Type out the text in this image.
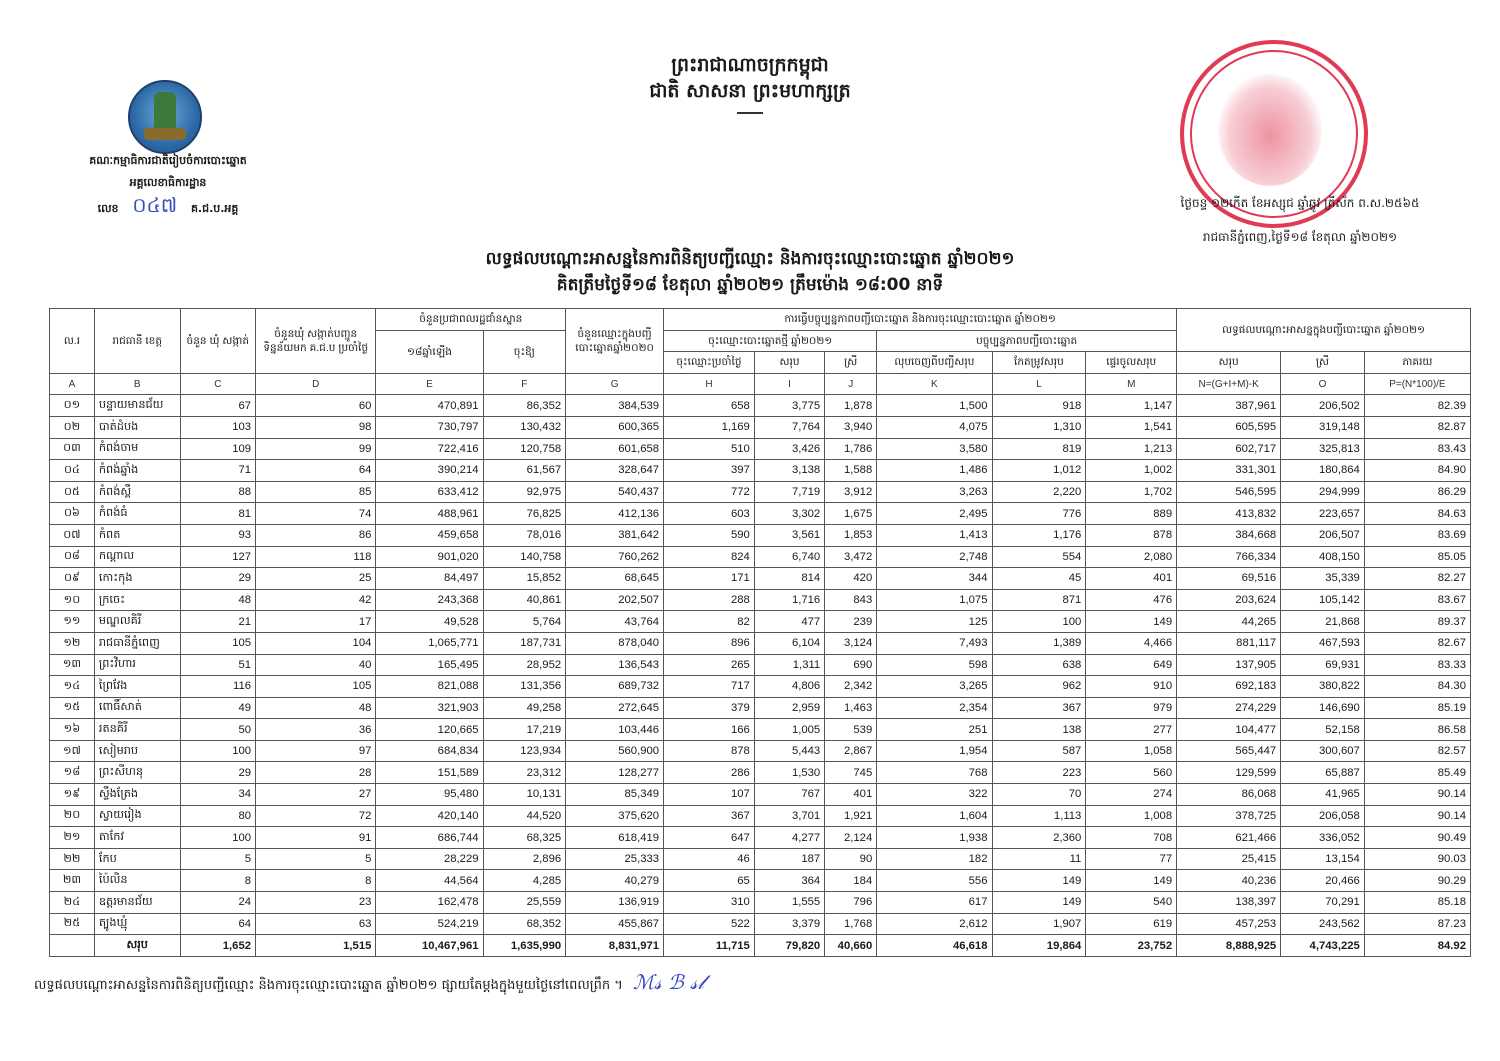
ព្រះរាជាណាចក្រកម្ពុជា
ជាតិ សាសនា ព្រះមហាក្សត្រ
គណៈកម្មាធិការជាតិរៀបចំការបោះឆ្នោត
អគ្គលេខាធិការដ្ឋាន
លេខ ០៤៧ គ.ជ.ប.អគ្គ	ថ្ងៃចន្ទ ១២កើត ខែអស្សុជ ឆ្នាំឆ្លូវ ត្រីស័ក ព.ស.២៥៦៥
រាជធានីភ្នំពេញ,ថ្ងៃទី១៨ ខែតុលា ឆ្នាំ២០២១
លទ្ធផលបណ្តោះអាសន្ននៃការពិនិត្យបញ្ជីឈ្មោះ និងការចុះឈ្មោះបោះឆ្នោត ឆ្នាំ២០២១
គិតត្រឹមថ្ងៃទី១៨ ខែតុលា ឆ្នាំ២០២១ ត្រឹមម៉ោង ១៨:00 នាទី
ល.រ	រាជធានី ខេត្ត	ចំនួន ឃុំ សង្កាត់	ចំនួនឃុំ សង្កាត់បញ្ជូនទិន្នន័យមក គ.ជ.ប ប្រចាំថ្ងៃ	ចំនួនប្រជាពលរដ្ឋជាំនស្នាន		ចំនួនឈ្មោះក្នុងបញ្ជីបោះឆ្នោតឆ្នាំ២០២០	ការធ្វើបច្ចុប្បន្នភាពបញ្ជីបោះឆ្នោត និងការចុះឈ្មោះបោះឆ្នោត ឆ្នាំ២០២១						លទ្ធផលបណ្តោះអាសន្នក្នុងបញ្ជីបោះឆ្នោត ឆ្នាំ២០២១		
				១៨ឆ្នាំឡើង	ចុះឱ្យ		ចុះឈ្មោះបោះឆ្នោតថ្មី ឆ្នាំ២០២១			បច្ចុប្បន្នភាពបញ្ជីបោះឆ្នោត					
							ចុះឈ្មោះប្រចាំថ្ងៃ	សរុប	ស្រី	លុបចេញពីបញ្ជីសរុប	កែតម្រូវសរុប	ផ្ទេរចូលសរុប	សរុប	ស្រី	ភាគរយ
A	B	C	D	E	F	G	H	I	J	K	L	M	N=(G+I+M)-K	O	P=(N*100)/E
០១	បន្ទាយមានជ័យ	67	60	470,891	86,352	384,539	658	3,775	1,878	1,500	918	1,147	387,961	206,502	82.39
០២	បាត់ដំបង	103	98	730,797	130,432	600,365	1,169	7,764	3,940	4,075	1,310	1,541	605,595	319,148	82.87
០៣	កំពង់ចាម	109	99	722,416	120,758	601,658	510	3,426	1,786	3,580	819	1,213	602,717	325,813	83.43
០៤	កំពង់ឆ្នាំង	71	64	390,214	61,567	328,647	397	3,138	1,588	1,486	1,012	1,002	331,301	180,864	84.90
០៥	កំពង់ស្ពឺ	88	85	633,412	92,975	540,437	772	7,719	3,912	3,263	2,220	1,702	546,595	294,999	86.29
០៦	កំពង់ធំ	81	74	488,961	76,825	412,136	603	3,302	1,675	2,495	776	889	413,832	223,657	84.63
០៧	កំពត	93	86	459,658	78,016	381,642	590	3,561	1,853	1,413	1,176	878	384,668	206,507	83.69
០៨	កណ្តាល	127	118	901,020	140,758	760,262	824	6,740	3,472	2,748	554	2,080	766,334	408,150	85.05
០៩	កោះកុង	29	25	84,497	15,852	68,645	171	814	420	344	45	401	69,516	35,339	82.27
១០	ក្រចេះ	48	42	243,368	40,861	202,507	288	1,716	843	1,075	871	476	203,624	105,142	83.67
១១	មណ្ឌលគិរី	21	17	49,528	5,764	43,764	82	477	239	125	100	149	44,265	21,868	89.37
១២	រាជធានីភ្នំពេញ	105	104	1,065,771	187,731	878,040	896	6,104	3,124	7,493	1,389	4,466	881,117	467,593	82.67
១៣	ព្រះវិហារ	51	40	165,495	28,952	136,543	265	1,311	690	598	638	649	137,905	69,931	83.33
១៤	ព្រៃវែង	116	105	821,088	131,356	689,732	717	4,806	2,342	3,265	962	910	692,183	380,822	84.30
១៥	ពោធិ៍សាត់	49	48	321,903	49,258	272,645	379	2,959	1,463	2,354	367	979	274,229	146,690	85.19
១៦	រតនគិរី	50	36	120,665	17,219	103,446	166	1,005	539	251	138	277	104,477	52,158	86.58
១៧	សៀមរាប	100	97	684,834	123,934	560,900	878	5,443	2,867	1,954	587	1,058	565,447	300,607	82.57
១៨	ព្រះសីហនុ	29	28	151,589	23,312	128,277	286	1,530	745	768	223	560	129,599	65,887	85.49
១៩	ស្ទឹងត្រែង	34	27	95,480	10,131	85,349	107	767	401	322	70	274	86,068	41,965	90.14
២០	ស្វាយរៀង	80	72	420,140	44,520	375,620	367	3,701	1,921	1,604	1,113	1,008	378,725	206,058	90.14
២១	តាកែវ	100	91	686,744	68,325	618,419	647	4,277	2,124	1,938	2,360	708	621,466	336,052	90.49
២២	កែប	5	5	28,229	2,896	25,333	46	187	90	182	11	77	25,415	13,154	90.03
២៣	ប៉ៃលិន	8	8	44,564	4,285	40,279	65	364	184	556	149	149	40,236	20,466	90.29
២៤	ឧត្តរមានជ័យ	24	23	162,478	25,559	136,919	310	1,555	796	617	149	540	138,397	70,291	85.18
២៥	ត្បូងឃ្មុំ	64	63	524,219	68,352	455,867	522	3,379	1,768	2,612	1,907	619	457,253	243,562	87.23
	សរុប	1,652	1,515	10,467,961	1,635,990	8,831,971	11,715	79,820	40,660	46,618	19,864	23,752	8,888,925	4,743,225	84.92
លទ្ធផលបណ្តោះអាសន្ននៃការពិនិត្យបញ្ជីឈ្មោះ និងការចុះឈ្មោះបោះឆ្នោត ឆ្នាំ២០២១ ផ្សាយតែម្តងក្នុងមួយថ្ងៃនៅពេលព្រឹក ។ ℳ𝓈 ℬ 𝓈𝓁
